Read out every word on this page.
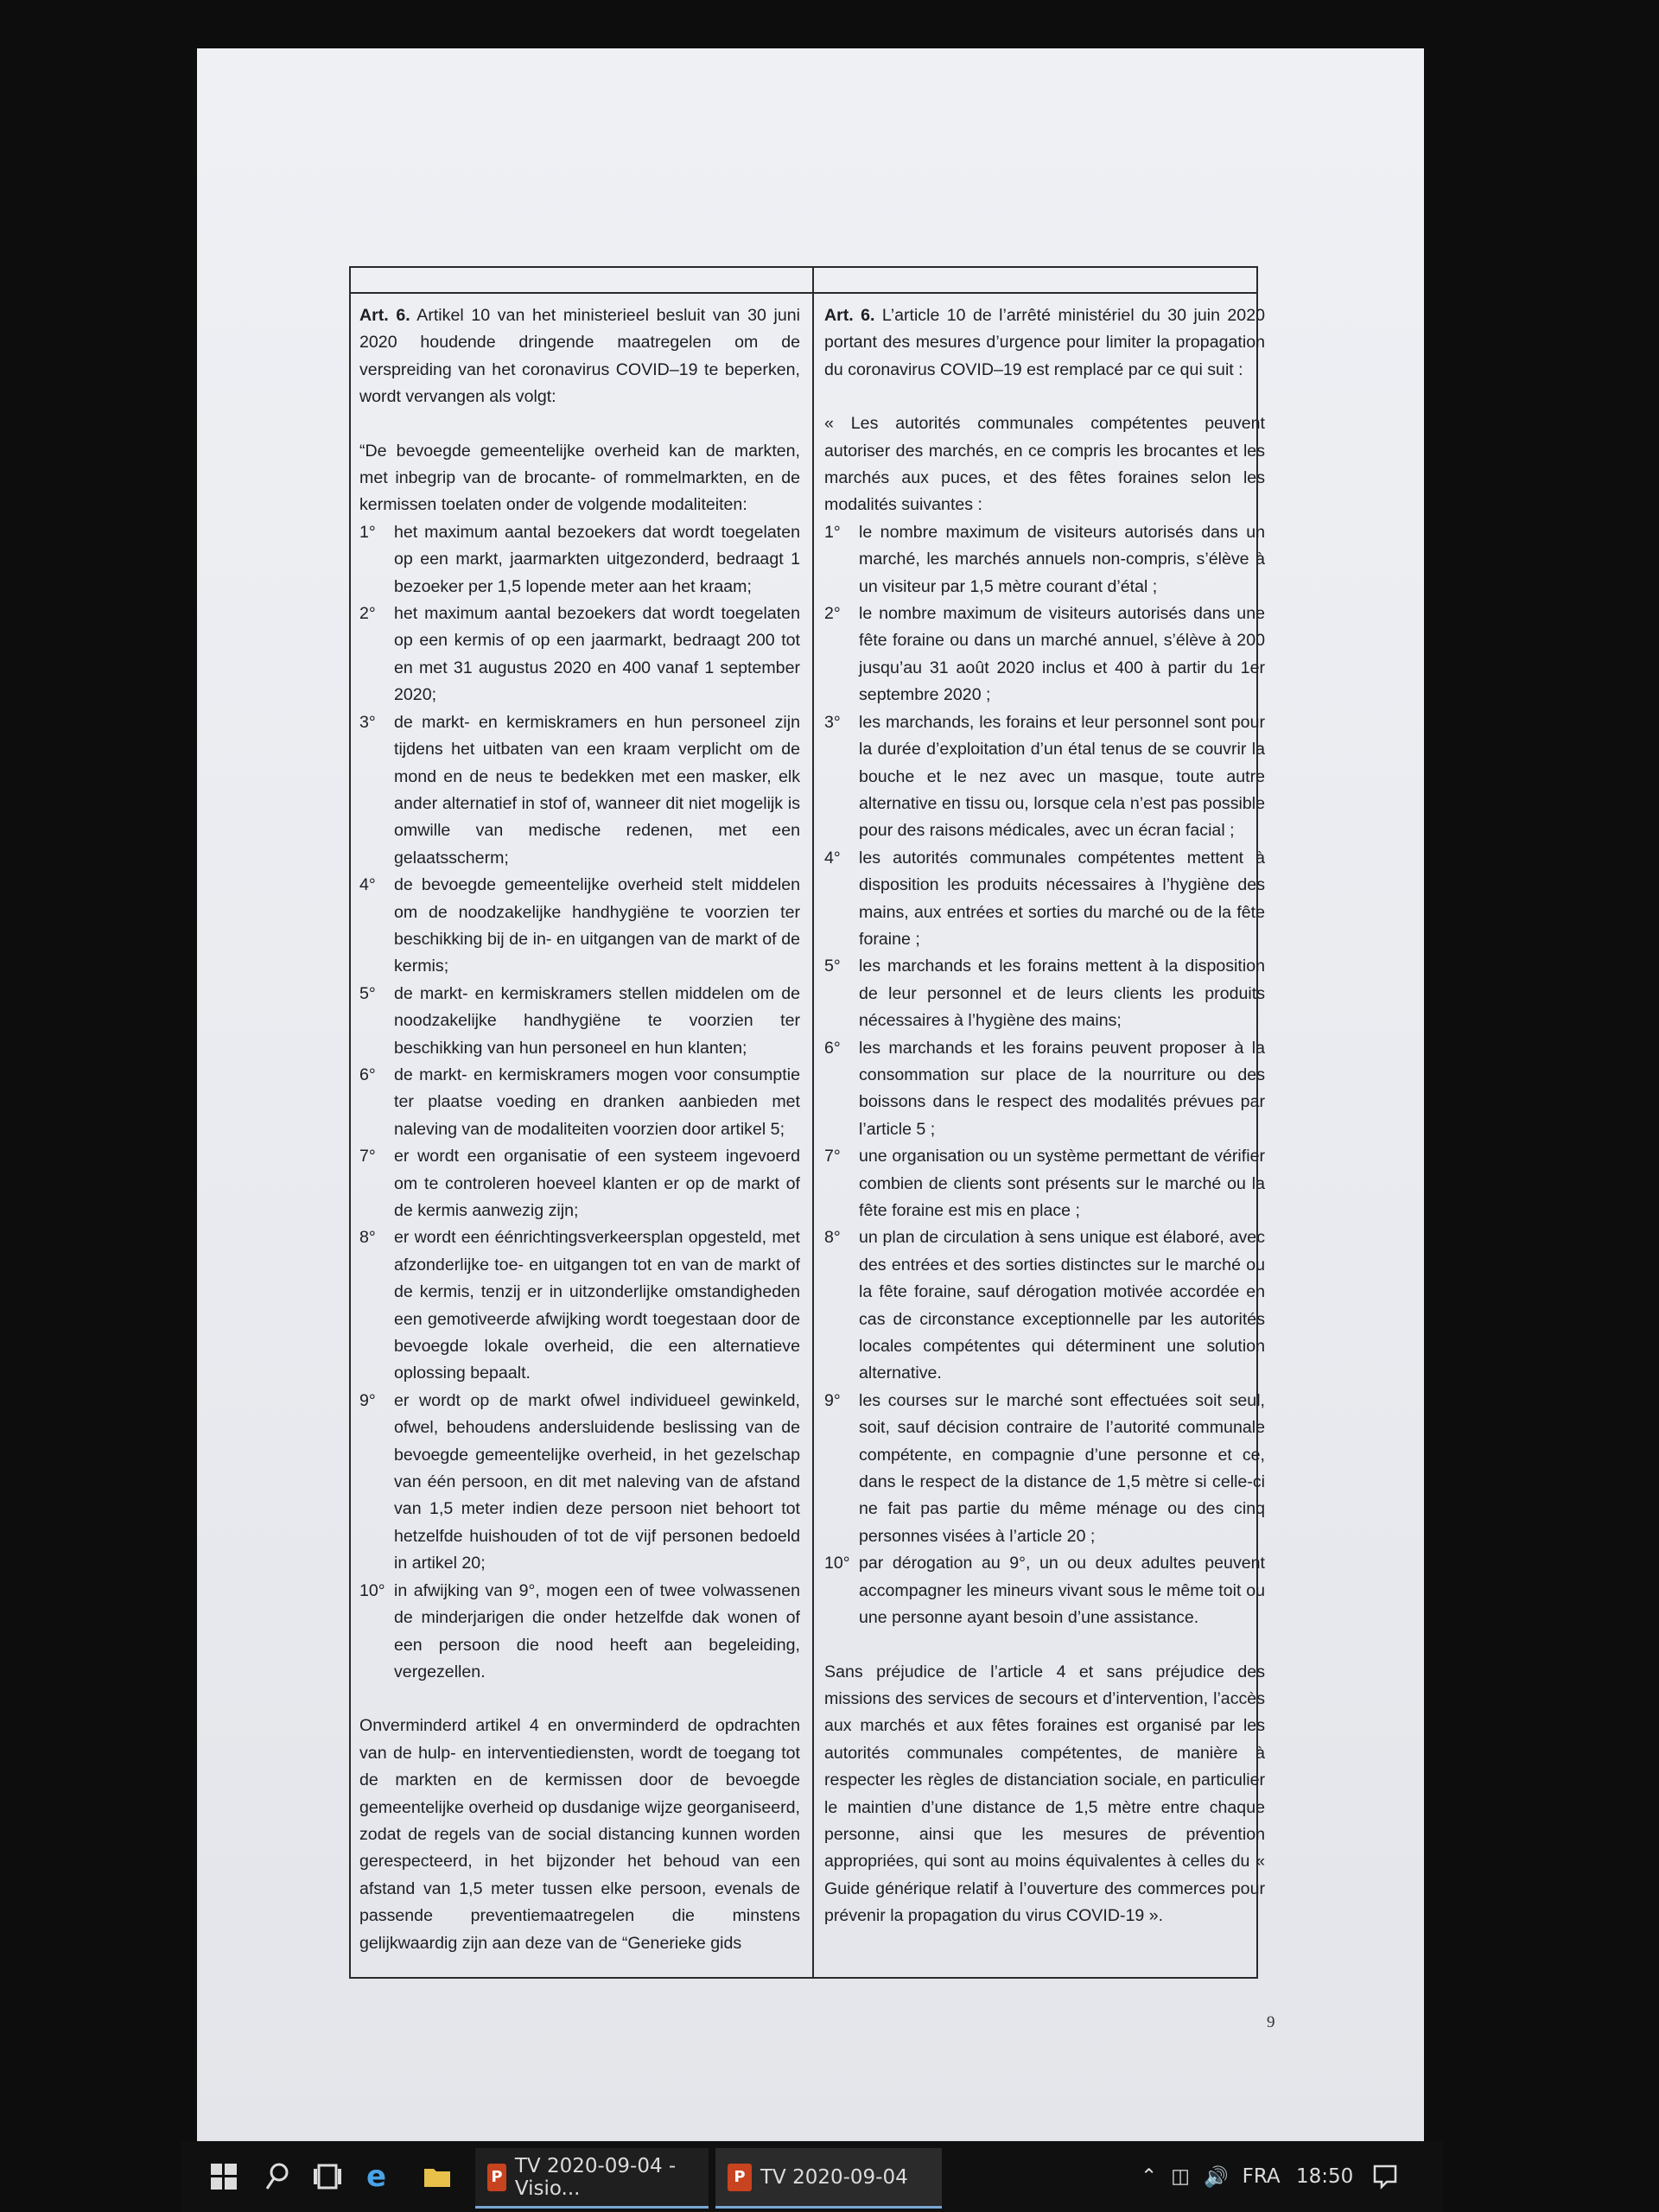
Art. 6. Artikel 10 van het ministerieel besluit van 30 juni 2020 houdende dringende maatregelen om de verspreiding van het coronavirus COVID–19 te beperken, wordt vervangen als volgt:

“De bevoegde gemeentelijke overheid kan de markten, met inbegrip van de brocante- of rommelmarkten, en de kermissen toelaten onder de volgende modaliteiten:

1°	het maximum aantal bezoekers dat wordt toegelaten op een markt, jaarmarkten uitgezonderd, bedraagt 1 bezoeker per 1,5 lopende meter aan het kraam;
2°	het maximum aantal bezoekers dat wordt toegelaten op een kermis of op een jaarmarkt, bedraagt 200 tot en met 31 augustus 2020 en 400 vanaf 1 september 2020;
3°	de markt- en kermiskramers en hun personeel zijn tijdens het uitbaten van een kraam verplicht om de mond en de neus te bedekken met een masker, elk ander alternatief in stof of, wanneer dit niet mogelijk is omwille van medische redenen, met een gelaatsscherm;
4°	de bevoegde gemeentelijke overheid stelt middelen om de noodzakelijke handhygiëne te voorzien ter beschikking bij de in- en uitgangen van de markt of de kermis;
5°	de markt- en kermiskramers stellen middelen om de noodzakelijke handhygiëne te voorzien ter beschikking van hun personeel en hun klanten;
6°	de markt- en kermiskramers mogen voor consumptie ter plaatse voeding en dranken aanbieden met naleving van de modaliteiten voorzien door artikel 5;
7°	er wordt een organisatie of een systeem ingevoerd om te controleren hoeveel klanten er op de markt of de kermis aanwezig zijn;
8°	er wordt een éénrichtingsverkeersplan opgesteld, met afzonderlijke toe- en uitgangen tot en van de markt of de kermis, tenzij er in uitzonderlijke omstandigheden een gemotiveerde afwijking wordt toegestaan door de bevoegde lokale overheid, die een alternatieve oplossing bepaalt.
9°	er wordt op de markt ofwel individueel gewinkeld, ofwel, behoudens andersluidende beslissing van de bevoegde gemeentelijke overheid, in het gezelschap van één persoon, en dit met naleving van de afstand van 1,5 meter indien deze persoon niet behoort tot hetzelfde huishouden of tot de vijf personen bedoeld in artikel 20;
10° in afwijking van 9°, mogen een of twee volwassenen de minderjarigen die onder hetzelfde dak wonen of een persoon die nood heeft aan begeleiding, vergezellen.

Onverminderd artikel 4 en onverminderd de opdrachten van de hulp- en interventiediensten, wordt de toegang tot de markten en de kermissen door de bevoegde gemeentelijke overheid op dusdanige wijze georganiseerd, zodat de regels van de social distancing kunnen worden gerespecteerd, in het bijzonder het behoud van een afstand van 1,5 meter tussen elke persoon, evenals de passende preventiemaatregelen die minstens gelijkwaardig zijn aan deze van de “Generieke gids

Art. 6. L’article 10 de l’arrêté ministériel du 30 juin 2020 portant des mesures d’urgence pour limiter la propagation du coronavirus COVID–19 est remplacé par ce qui suit :

« Les autorités communales compétentes peuvent autoriser des marchés, en ce compris les brocantes et les marchés aux puces, et des fêtes foraines selon les modalités suivantes :

1°	le nombre maximum de visiteurs autorisés dans un marché, les marchés annuels non-compris, s’élève à un visiteur par 1,5 mètre courant d’étal ;
2°	le nombre maximum de visiteurs autorisés dans une fête foraine ou dans un marché annuel, s’élève à 200 jusqu’au 31 août 2020 inclus et 400 à partir du 1er septembre 2020 ;
3°	les marchands, les forains et leur personnel sont pour la durée d’exploitation d’un étal tenus de se couvrir la bouche et le nez avec un masque, toute autre alternative en tissu ou, lorsque cela n’est pas possible pour des raisons médicales, avec un écran facial ;
4°	les autorités communales compétentes mettent à disposition les produits nécessaires à l’hygiène des mains, aux entrées et sorties du marché ou de la fête foraine ;
5°	les marchands et les forains mettent à la disposition de leur personnel et de leurs clients les produits nécessaires à l’hygiène des mains;
6°	les marchands et les forains peuvent proposer à la consommation sur place de la nourriture ou des boissons dans le respect des modalités prévues par l’article 5 ;
7°	une organisation ou un système permettant de vérifier combien de clients sont présents sur le marché ou la fête foraine est mis en place ;
8°	un plan de circulation à sens unique est élaboré, avec des entrées et des sorties distinctes sur le marché ou la fête foraine, sauf dérogation motivée accordée en cas de circonstance exceptionnelle par les autorités locales compétentes qui déterminent une solution alternative.
9°	les courses sur le marché sont effectuées soit seul, soit, sauf décision contraire de l’autorité communale compétente, en compagnie d’une personne et ce, dans le respect de la distance de 1,5 mètre si celle-ci ne fait pas partie du même ménage ou des cinq personnes visées à l’article 20 ;
10° par dérogation au 9°, un ou deux adultes peuvent accompagner les mineurs vivant sous le même toit ou une personne ayant besoin d’une assistance.

Sans préjudice de l’article 4 et sans préjudice des missions des services de secours et d’intervention, l’accès aux marchés et aux fêtes foraines est organisé par les autorités communales compétentes, de manière à respecter les règles de distanciation sociale, en particulier le maintien d’une distance de 1,5 mètre entre chaque personne, ainsi que les mesures de prévention appropriées, qui sont au moins équivalentes à celles du « Guide générique relatif à l’ouverture des commerces pour prévenir la propagation du virus COVID-19 ».

9
e	P TV 2020-09-04 - Visio...	P TV 2020-09-04	⌃ ◫ 🔊 FRA 18:50
